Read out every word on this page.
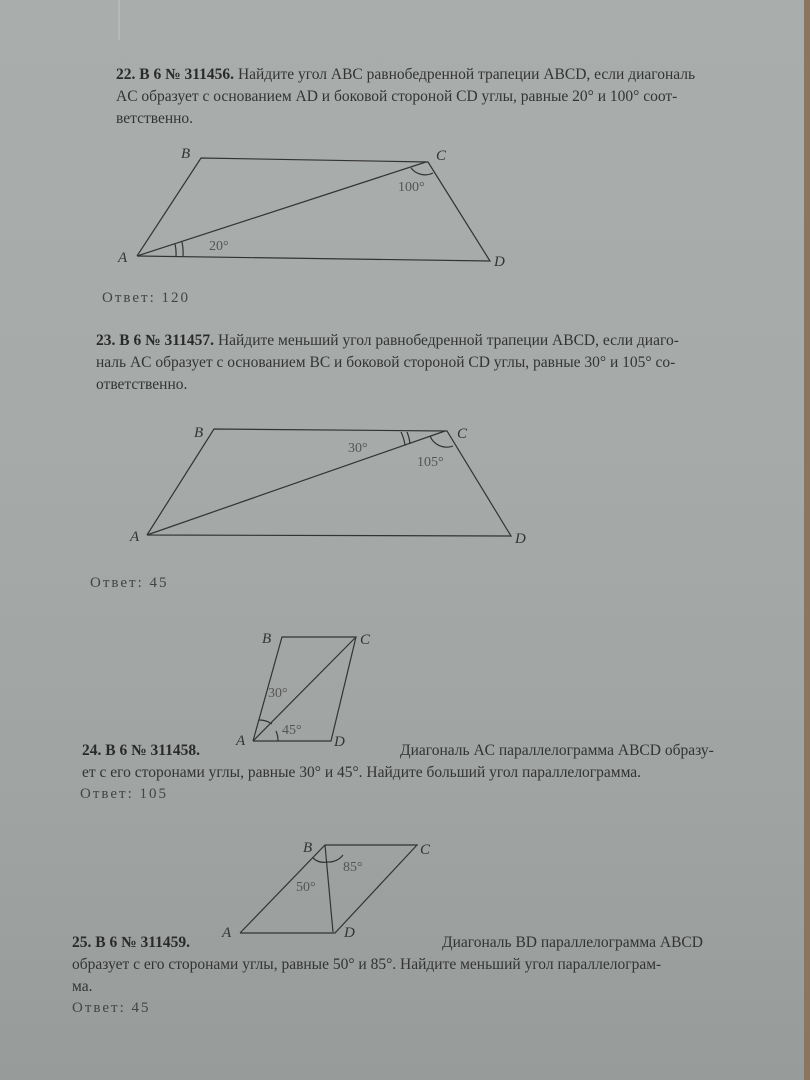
22. B 6 № 311456. Найдите угол ABC равнобедренной трапеции ABCD, если диагональ
AC образует с основанием AD и боковой стороной CD углы, равные 20° и 100° соот-
ветственно.
A
B	C
D
20°
100°
Ответ: 120
23. B 6 № 311457. Найдите меньший угол равнобедренной трапеции ABCD, если диаго-
наль AC образует с основанием BC и боковой стороной CD углы, равные 30° и 105° со-
ответственно.
A
B	C
D
30°
105°
Ответ: 45
B	C
A	D
30°
45°
24. B 6 № 311458.	Диагональ AC параллелограмма ABCD образу-
ет с его сторонами углы, равные 30° и 45°. Найдите больший угол параллелограмма.
Ответ: 105
B	C
A	D
50°
85°
25. B 6 № 311459.	Диагональ BD параллелограмма ABCD
образует с его сторонами углы, равные 50° и 85°. Найдите меньший угол параллелограм-
ма.
Ответ: 45
